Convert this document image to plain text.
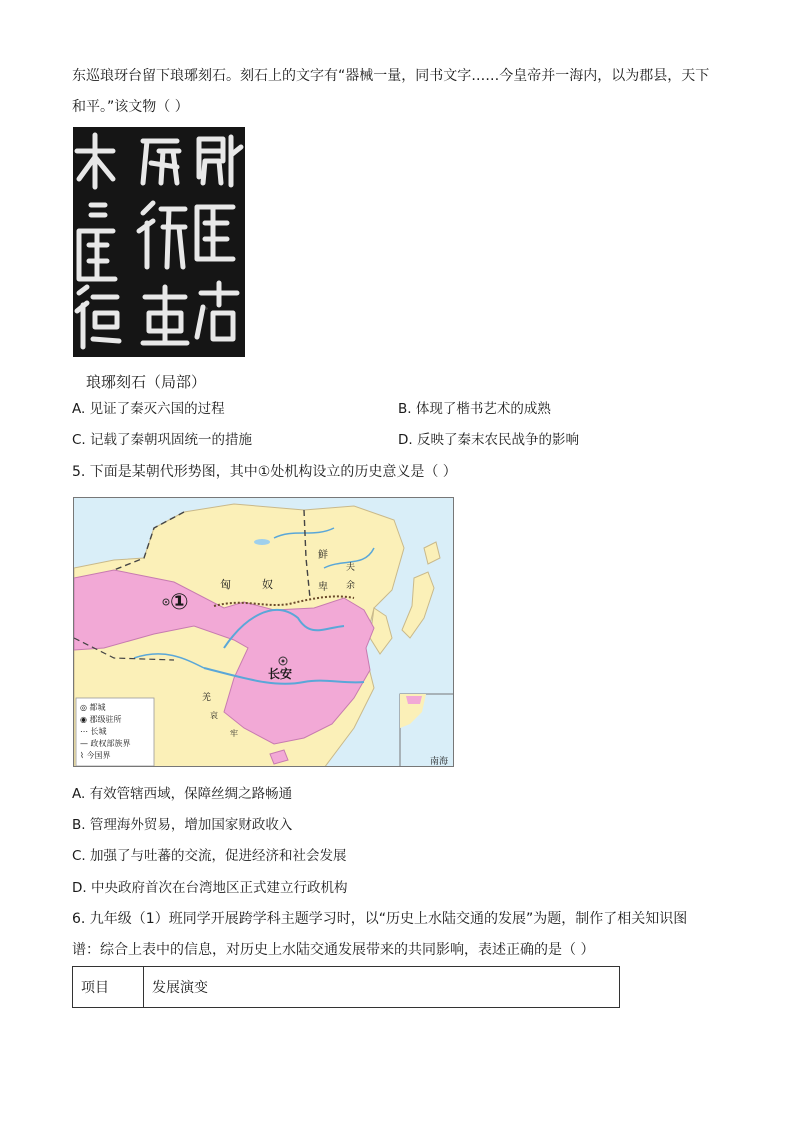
东巡琅玡台留下琅琊刻石。刻石上的文字有“器械一量，同书文字……今皇帝并一海内，以为郡县，天下
和平。”该文物（ ）
琅琊刻石（局部）
A. 见证了秦灭六国的过程	B. 体现了楷书艺术的成熟
C. 记载了秦朝巩固统一的措施	D. 反映了秦末农民战争的影响
5. 下面是某朝代形势图，其中①处机构设立的历史意义是（ ）
①
长安
匈	奴
鲜
卑
夫
余
羌
哀
牢
◎ 都城
◉ 郡级驻所
⋯ 长城
— 政权部族界
⌇ 今国界
南海
A. 有效管辖西域，保障丝绸之路畅通
B. 管理海外贸易，增加国家财政收入
C. 加强了与吐蕃的交流，促进经济和社会发展
D. 中央政府首次在台湾地区正式建立行政机构
6. 九年级（1）班同学开展跨学科主题学习时，以“历史上水陆交通的发展”为题，制作了相关知识图
谱：综合上表中的信息，对历史上水陆交通发展带来的共同影响，表述正确的是（ ）
项目	发展演变
